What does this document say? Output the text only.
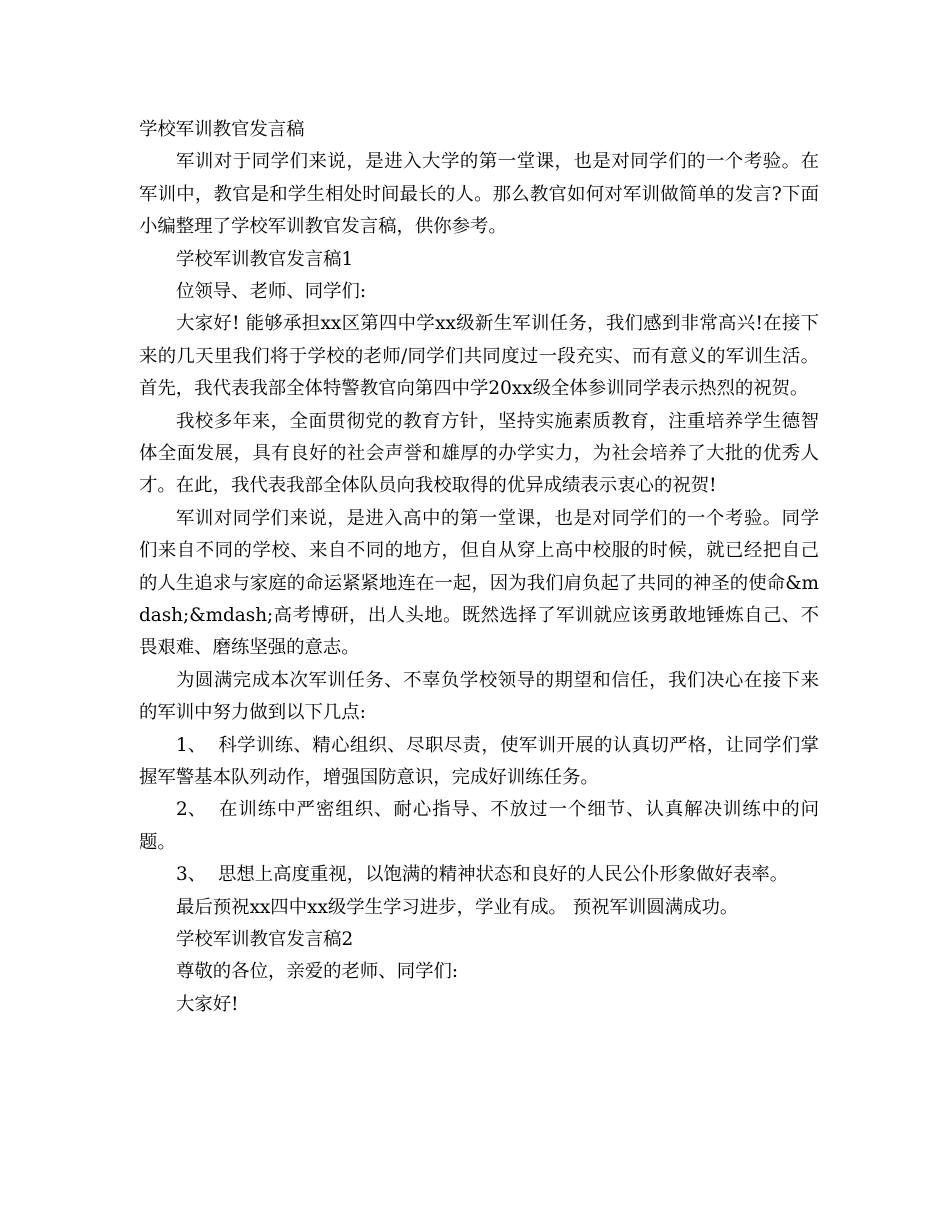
学校军训教官发言稿

军训对于同学们来说，是进入大学的第一堂课，也是对同学们的一个考验。在军训中，教官是和学生相处时间最长的人。那么教官如何对军训做简单的发言?下面小编整理了学校军训教官发言稿，供你参考。

学校军训教官发言稿1
位领导、老师、同学们:

大家好! 能够承担xx区第四中学xx级新生军训任务，我们感到非常高兴!在接下来的几天里我们将于学校的老师/同学们共同度过一段充实、而有意义的军训生活。首先，我代表我部全体特警教官向第四中学20xx级全体参训同学表示热烈的祝贺。

我校多年来，全面贯彻党的教育方针，坚持实施素质教育，注重培养学生德智体全面发展，具有良好的社会声誉和雄厚的办学实力，为社会培养了大批的优秀人才。在此，我代表我部全体队员向我校取得的优异成绩表示衷心的祝贺!

军训对同学们来说，是进入高中的第一堂课，也是对同学们的一个考验。同学们来自不同的学校、来自不同的地方，但自从穿上高中校服的时候，就已经把自己的人生追求与家庭的命运紧紧地连在一起，因为我们肩负起了共同的神圣的使命&mdash;&mdash;高考博研，出人头地。既然选择了军训就应该勇敢地锤炼自己、不畏艰难、磨练坚强的意志。

为圆满完成本次军训任务、不辜负学校领导的期望和信任，我们决心在接下来的军训中努力做到以下几点:

1、 科学训练、精心组织、尽职尽责，使军训开展的认真切严格，让同学们掌握军警基本队列动作，增强国防意识，完成好训练任务。

2、 在训练中严密组织、耐心指导、不放过一个细节、认真解决训练中的问题。

3、 思想上高度重视，以饱满的精神状态和良好的人民公仆形象做好表率。

最后预祝xx四中xx级学生学习进步，学业有成。 预祝军训圆满成功。
学校军训教官发言稿2
尊敬的各位，亲爱的老师、同学们:
大家好!
